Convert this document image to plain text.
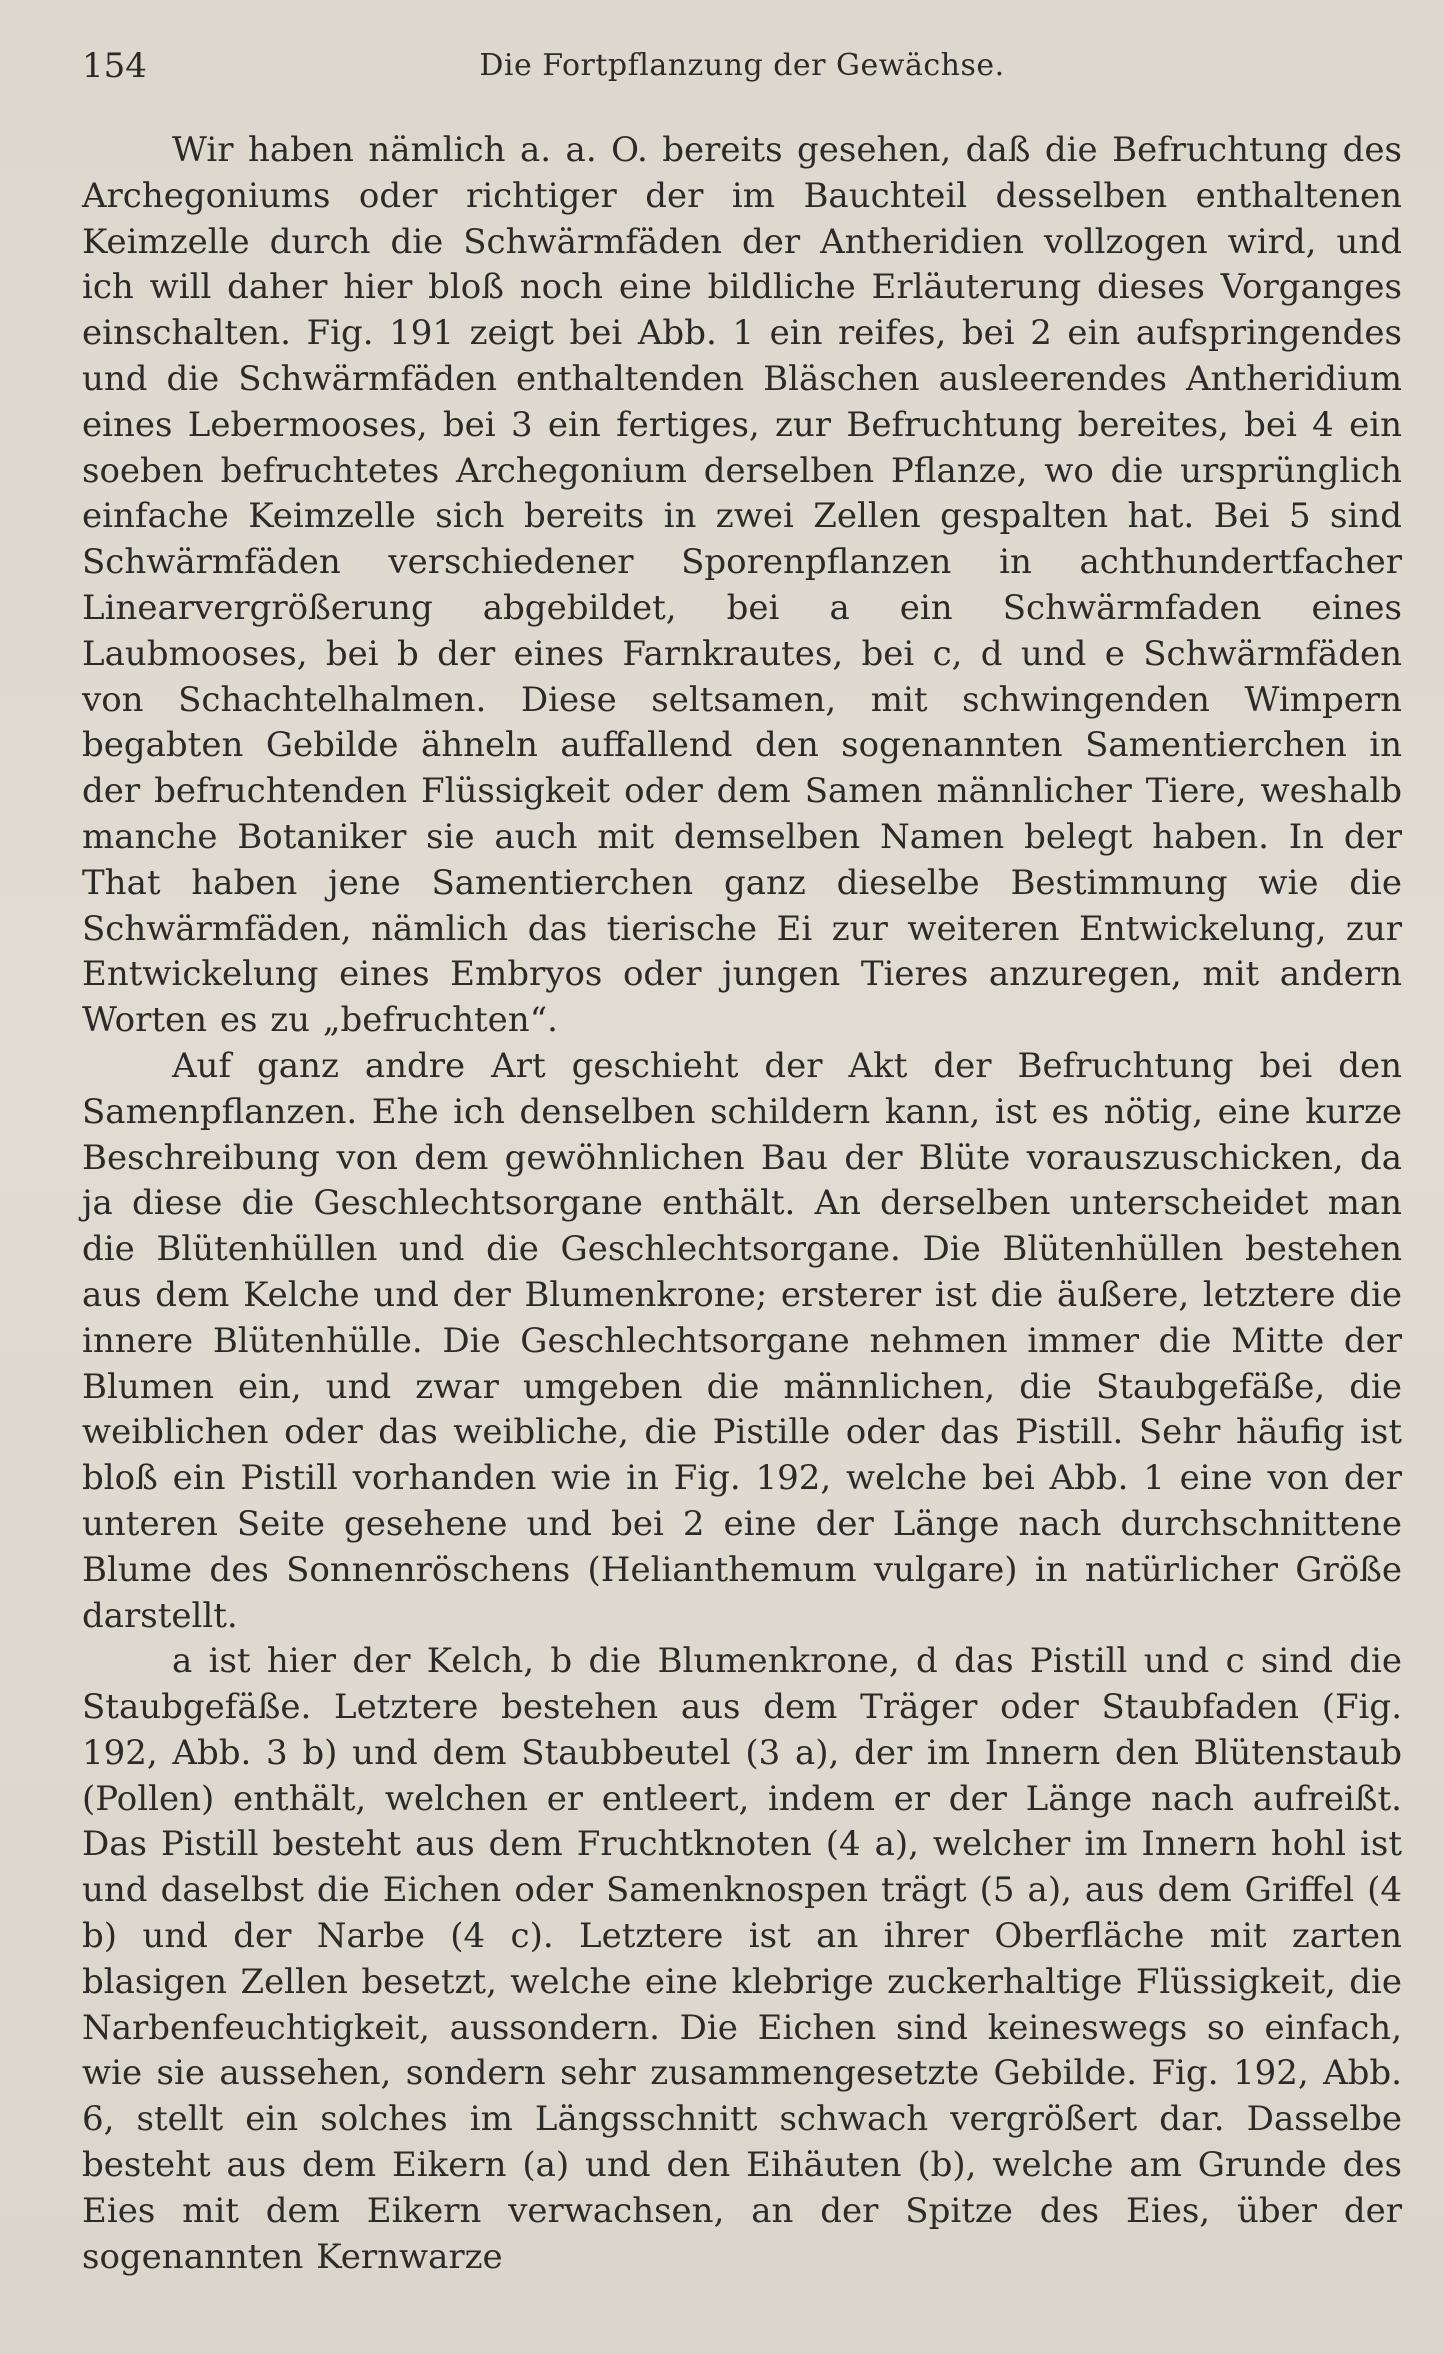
154	Die Fortpflanzung der Gewächse.

Wir haben nämlich a. a. O. bereits gesehen, daß die Befruchtung des Archegoniums oder richtiger der im Bauchteil desselben enthaltenen Keimzelle durch die Schwärmfäden der Antheridien vollzogen wird, und ich will daher hier bloß noch eine bildliche Erläuterung dieses Vorganges einschalten. Fig. 191 zeigt bei Abb. 1 ein reifes, bei 2 ein aufspringendes und die Schwärmfäden enthaltenden Bläschen ausleerendes Antheridium eines Lebermooses, bei 3 ein fertiges, zur Befruchtung bereites, bei 4 ein soeben befruchtetes Archegonium derselben Pflanze, wo die ursprünglich einfache Keimzelle sich bereits in zwei Zellen gespalten hat. Bei 5 sind Schwärmfäden verschiedener Sporenpflanzen in achthundertfacher Linearvergrößerung abgebildet, bei a ein Schwärmfaden eines Laubmooses, bei b der eines Farnkrautes, bei c, d und e Schwärmfäden von Schachtelhalmen. Diese seltsamen, mit schwingenden Wimpern begabten Gebilde ähneln auffallend den sogenannten Samentierchen in der befruchtenden Flüssigkeit oder dem Samen männlicher Tiere, weshalb manche Botaniker sie auch mit demselben Namen belegt haben. In der That haben jene Samentierchen ganz dieselbe Bestimmung wie die Schwärmfäden, nämlich das tierische Ei zur weiteren Entwickelung, zur Entwickelung eines Embryos oder jungen Tieres anzuregen, mit andern Worten es zu „befruchten“.

Auf ganz andre Art geschieht der Akt der Befruchtung bei den Samenpflanzen. Ehe ich denselben schildern kann, ist es nötig, eine kurze Beschreibung von dem gewöhnlichen Bau der Blüte vorauszuschicken, da ja diese die Geschlechtsorgane enthält. An derselben unterscheidet man die Blütenhüllen und die Geschlechtsorgane. Die Blütenhüllen bestehen aus dem Kelche und der Blumenkrone; ersterer ist die äußere, letztere die innere Blütenhülle. Die Geschlechtsorgane nehmen immer die Mitte der Blumen ein, und zwar umgeben die männlichen, die Staubgefäße, die weiblichen oder das weibliche, die Pistille oder das Pistill. Sehr häufig ist bloß ein Pistill vorhanden wie in Fig. 192, welche bei Abb. 1 eine von der unteren Seite gesehene und bei 2 eine der Länge nach durchschnittene Blume des Sonnenröschens (Helianthemum vulgare) in natürlicher Größe darstellt.

a ist hier der Kelch, b die Blumenkrone, d das Pistill und c sind die Staubgefäße. Letztere bestehen aus dem Träger oder Staubfaden (Fig. 192, Abb. 3 b) und dem Staubbeutel (3 a), der im Innern den Blütenstaub (Pollen) enthält, welchen er entleert, indem er der Länge nach aufreißt. Das Pistill besteht aus dem Fruchtknoten (4 a), welcher im Innern hohl ist und daselbst die Eichen oder Samenknospen trägt (5 a), aus dem Griffel (4 b) und der Narbe (4 c). Letztere ist an ihrer Oberfläche mit zarten blasigen Zellen besetzt, welche eine klebrige zuckerhaltige Flüssigkeit, die Narbenfeuchtigkeit, aussondern. Die Eichen sind keineswegs so einfach, wie sie aussehen, sondern sehr zusammengesetzte Gebilde. Fig. 192, Abb. 6, stellt ein solches im Längsschnitt schwach vergrößert dar. Dasselbe besteht aus dem Eikern (a) und den Eihäuten (b), welche am Grunde des Eies mit dem Eikern verwachsen, an der Spitze des Eies, über der sogenannten Kernwarze
